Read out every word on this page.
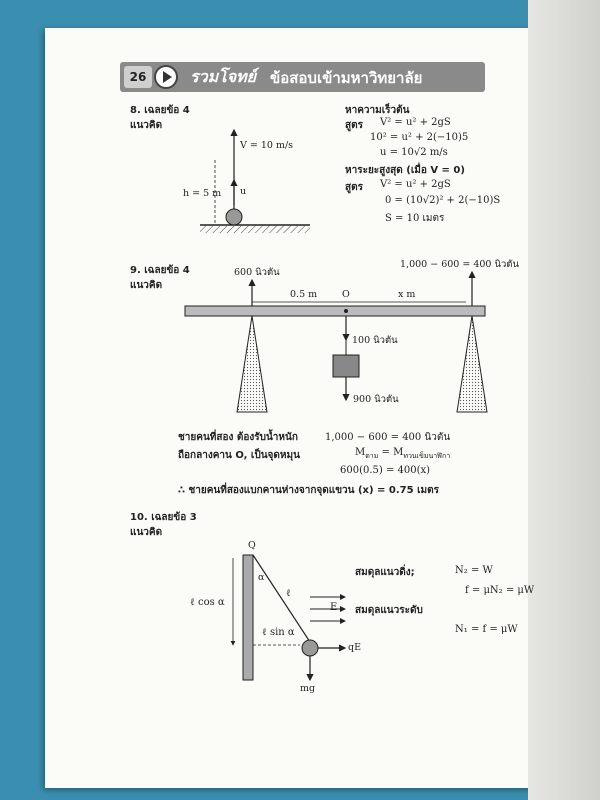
26	รวมโจทย์ ข้อสอบเข้ามหาวิทยาลัย
8. เฉลยข้อ 4
แนวคิด
V = 10 m/s
h = 5 m u
หาความเร็วต้น
สูตร V² = u² + 2gS
10² = u² + 2(−10)5
u = 10√2 m/s
หาระยะสูงสุด (เมื่อ V = 0)
สูตร V² = u² + 2gS
0 = (10√2)² + 2(−10)S
S = 10 เมตร
9. เฉลยข้อ 4
แนวคิด
600 นิวตัน
1,000 − 600 = 400 นิวตัน
0.5 m	O	x m
100 นิวตัน
900 นิวตัน
ชายคนที่สอง ต้องรับน้ำหนัก	1,000 − 600 = 400 นิวตัน
ถือกลางคาน O, เป็นจุดหมุน	$M_{ตาม} = M_{ทวนเข็มนาฬิกา}$
600(0.5) = 400(x)
∴ ชายคนที่สองแบกคานห่างจากจุดแขวน (x) = 0.75 เมตร
10. เฉลยข้อ 3
แนวคิด
Q
α
ℓ cos α
ℓ
E
ℓ sin α
qE
mg
สมดุลแนวดิ่ง;	N₂ = W
f = μN₂ = μW
สมดุลแนวระดับ
N₁ = f = μW
